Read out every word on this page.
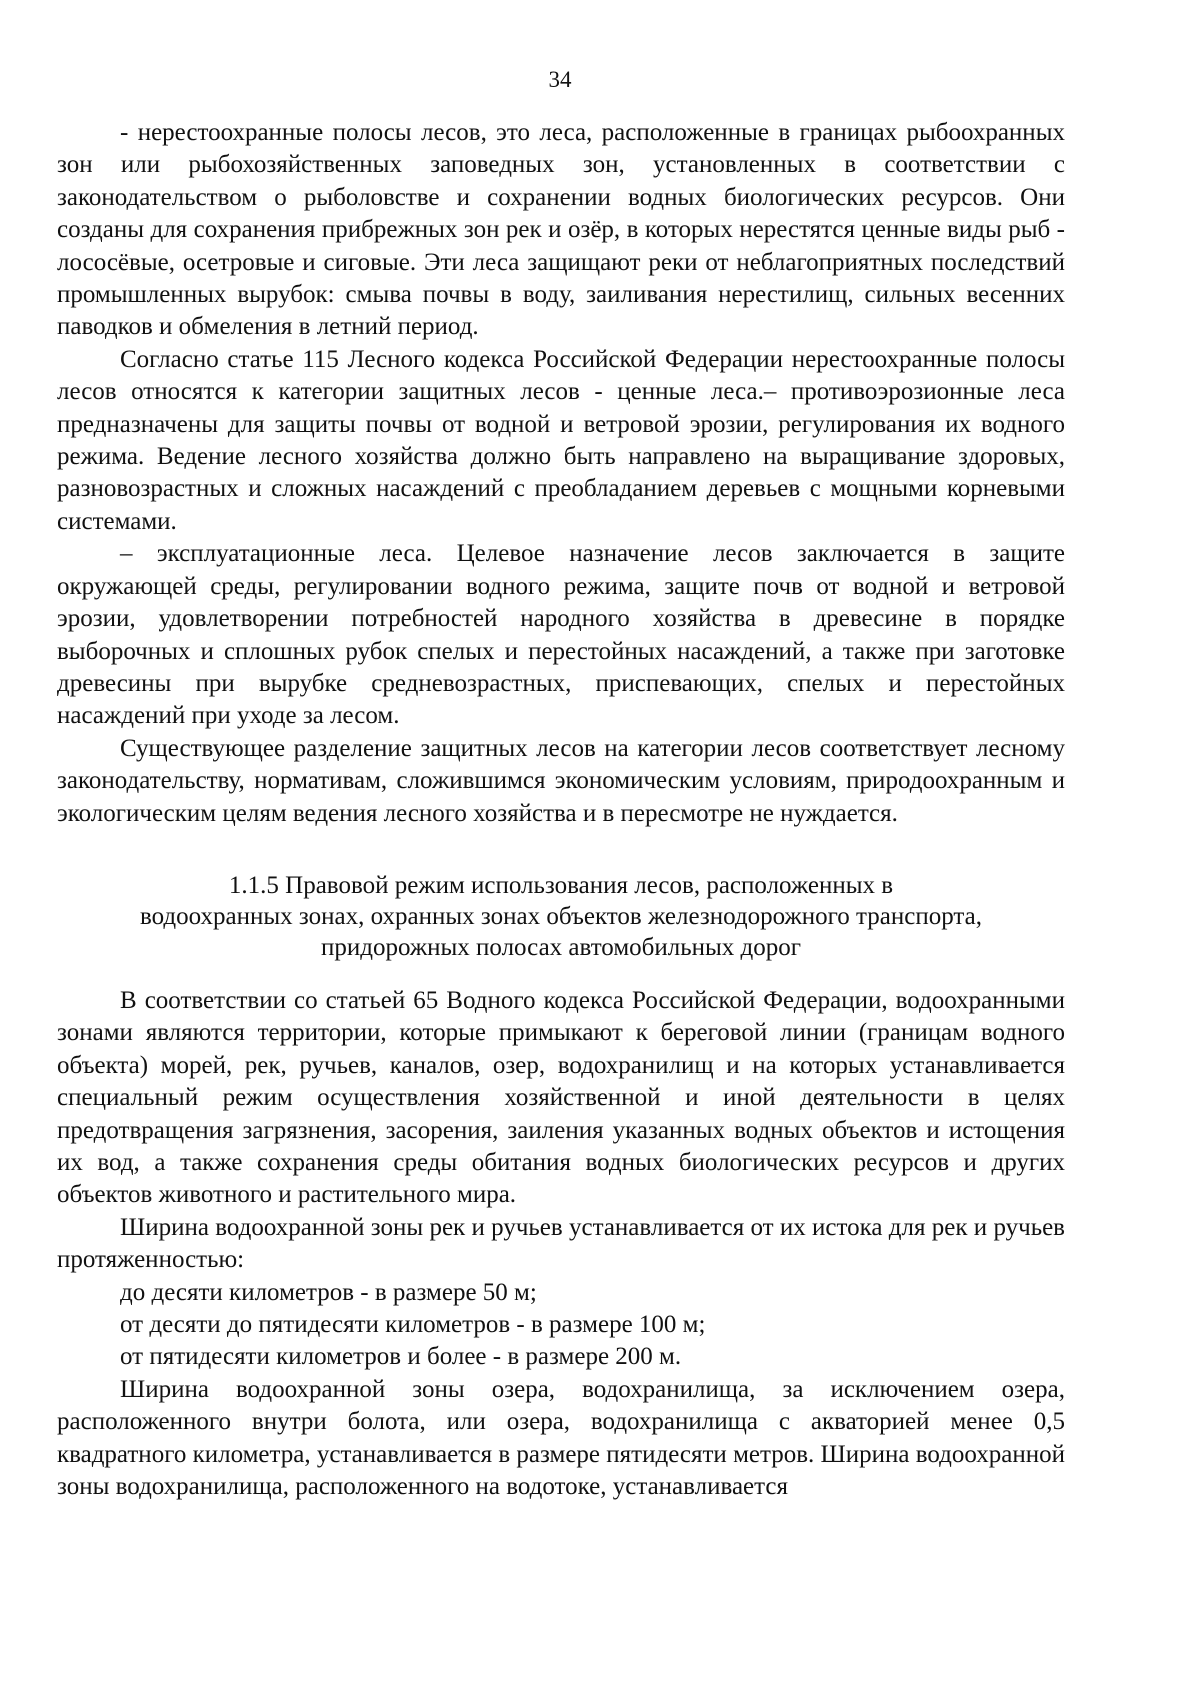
34

- нерестоохранные полосы лесов, это леса, расположенные в границах рыбоохранных зон или рыбохозяйственных заповедных зон, установленных в соответствии с законодательством о рыболовстве и сохранении водных биологических ресурсов. Они созданы для сохранения прибрежных зон рек и озёр, в которых нерестятся ценные виды рыб - лососёвые, осетровые и сиговые. Эти леса защищают реки от неблагоприятных последствий промышленных вырубок: смыва почвы в воду, заиливания нерестилищ, сильных весенних паводков и обмеления в летний период.

Согласно статье 115 Лесного кодекса Российской Федерации нерестоохранные полосы лесов относятся к категории защитных лесов - ценные леса.– противоэрозионные леса предназначены для защиты почвы от водной и ветровой эрозии, регулирования их водного режима. Ведение лесного хозяйства должно быть направлено на выращивание здоровых, разновозрастных и сложных насаждений с преобладанием деревьев с мощными корневыми системами.

– эксплуатационные леса. Целевое назначение лесов заключается в защите окружающей среды, регулировании водного режима, защите почв от водной и ветровой эрозии, удовлетворении потребностей народного хозяйства в древесине в порядке выборочных и сплошных рубок спелых и перестойных насаждений, а также при заготовке древесины при вырубке средневозрастных, приспевающих, спелых и перестойных насаждений при уходе за лесом.

Существующее разделение защитных лесов на категории лесов соответствует лесному законодательству, нормативам, сложившимся экономическим условиям, природоохранным и экологическим целям ведения лесного хозяйства и в пересмотре не нуждается.

1.1.5 Правовой режим использования лесов, расположенных в
водоохранных зонах, охранных зонах объектов железнодорожного транспорта,
придорожных полосах автомобильных дорог

В соответствии со статьей 65 Водного кодекса Российской Федерации, водоохранными зонами являются территории, которые примыкают к береговой линии (границам водного объекта) морей, рек, ручьев, каналов, озер, водохранилищ и на которых устанавливается специальный режим осуществления хозяйственной и иной деятельности в целях предотвращения загрязнения, засорения, заиления указанных водных объектов и истощения их вод, а также сохранения среды обитания водных биологических ресурсов и других объектов животного и растительного мира.

Ширина водоохранной зоны рек и ручьев устанавливается от их истока для рек и ручьев протяженностью:

до десяти километров - в размере 50 м;

от десяти до пятидесяти километров - в размере 100 м;

от пятидесяти километров и более - в размере 200 м.

Ширина водоохранной зоны озера, водохранилища, за исключением озера, расположенного внутри болота, или озера, водохранилища с акваторией менее 0,5 квадратного километра, устанавливается в размере пятидесяти метров. Ширина водоохранной зоны водохранилища, расположенного на водотоке, устанавливается
